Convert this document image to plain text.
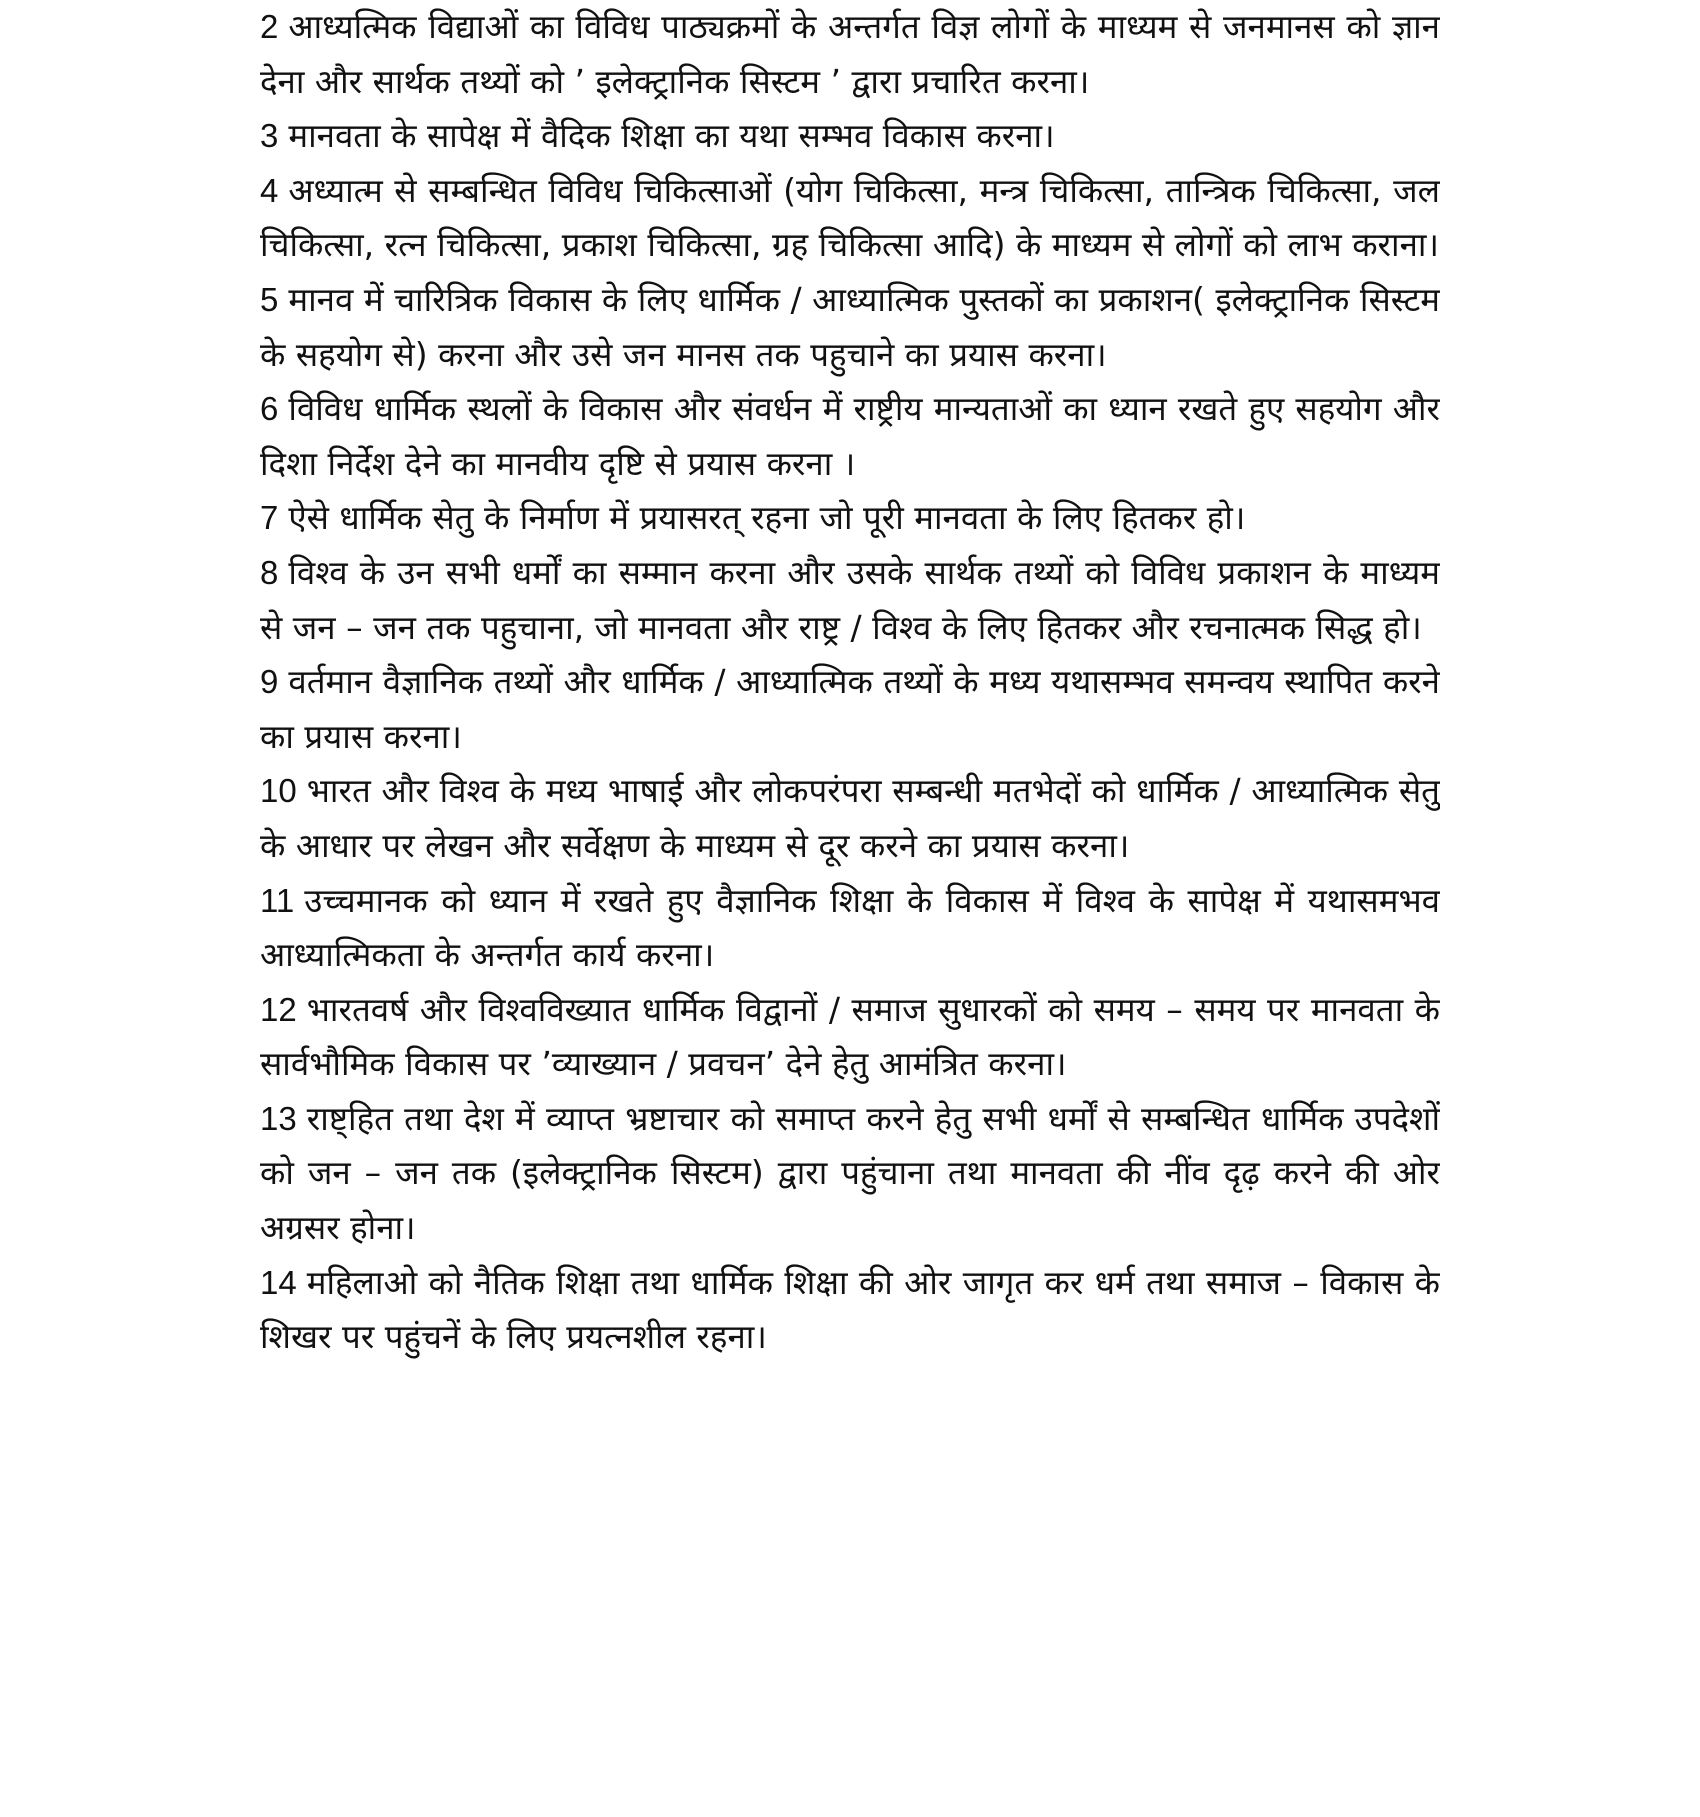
2 आध्यत्मिक विद्याओं का विविध पाठ्यक्रमों के अन्तर्गत विज्ञ लोगों के माध्यम से जनमानस को ज्ञान देना और सार्थक तथ्यों को ’ इलेक्ट्रानिक सिस्टम ’ द्वारा प्रचारित करना।
3 मानवता के सापेक्ष में वैदिक शिक्षा का यथा सम्भव विकास करना।
4 अध्यात्म से सम्बन्धित विविध चिकित्साओं (योग चिकित्सा, मन्त्र चिकित्सा, तान्त्रिक चिकित्सा, जल चिकित्सा, रत्न चिकित्सा, प्रकाश चिकित्सा, ग्रह चिकित्सा आदि) के माध्यम से लोगों को लाभ कराना।
5 मानव में चारित्रिक विकास के लिए धार्मिक / आध्यात्मिक पुस्तकों का प्रकाशन( इलेक्ट्रानिक सिस्टम के सहयोग से) करना और उसे जन मानस तक पहुचाने का प्रयास करना।
6 विविध धार्मिक स्थलों के विकास और संवर्धन में राष्ट्रीय मान्यताओं का ध्यान रखते हुए सहयोग और दिशा निर्देश देने का मानवीय दृष्टि से प्रयास करना ।
7 ऐसे धार्मिक सेतु के निर्माण में प्रयासरत् रहना जो पूरी मानवता के लिए हितकर हो।
8 विश्व के उन सभी धर्मों का सम्मान करना और उसके सार्थक तथ्यों को विविध प्रकाशन के माध्यम से जन – जन तक पहुचाना, जो मानवता और राष्ट्र / विश्व के लिए हितकर और रचनात्मक सिद्ध हो।
9 वर्तमान वैज्ञानिक तथ्यों और धार्मिक / आध्यात्मिक तथ्यों के मध्य यथासम्भव समन्वय स्थापित करने का प्रयास करना।
10 भारत और विश्व के मध्य भाषाई और लोकपरंपरा सम्बन्धी मतभेदों को धार्मिक / आध्यात्मिक सेतु के आधार पर लेखन और सर्वेक्षण के माध्यम से दूर करने का प्रयास करना।
11 उच्चमानक को ध्यान में रखते हुए वैज्ञानिक शिक्षा के विकास में विश्व के सापेक्ष में यथासमभव आध्यात्मिकता के अन्तर्गत कार्य करना।
12 भारतवर्ष और विश्वविख्यात धार्मिक विद्वानों / समाज सुधारकों को समय – समय पर मानवता के सार्वभौमिक विकास पर ’व्याख्यान / प्रवचन’ देने हेतु आमंत्रित करना।
13 राष्ट्हित तथा देश में व्याप्त भ्रष्टाचार को समाप्त करने हेतु सभी धर्मों से सम्बन्धित धार्मिक उपदेशों को जन – जन तक (इलेक्ट्रानिक सिस्टम) द्वारा पहुंचाना तथा मानवता की नींव दृढ़ करने की ओर अग्रसर होना।
14 महिलाओ को नैतिक शिक्षा तथा धार्मिक शिक्षा की ओर जागृत कर धर्म तथा समाज – विकास के शिखर पर पहुंचनें के लिए प्रयत्नशील रहना।
